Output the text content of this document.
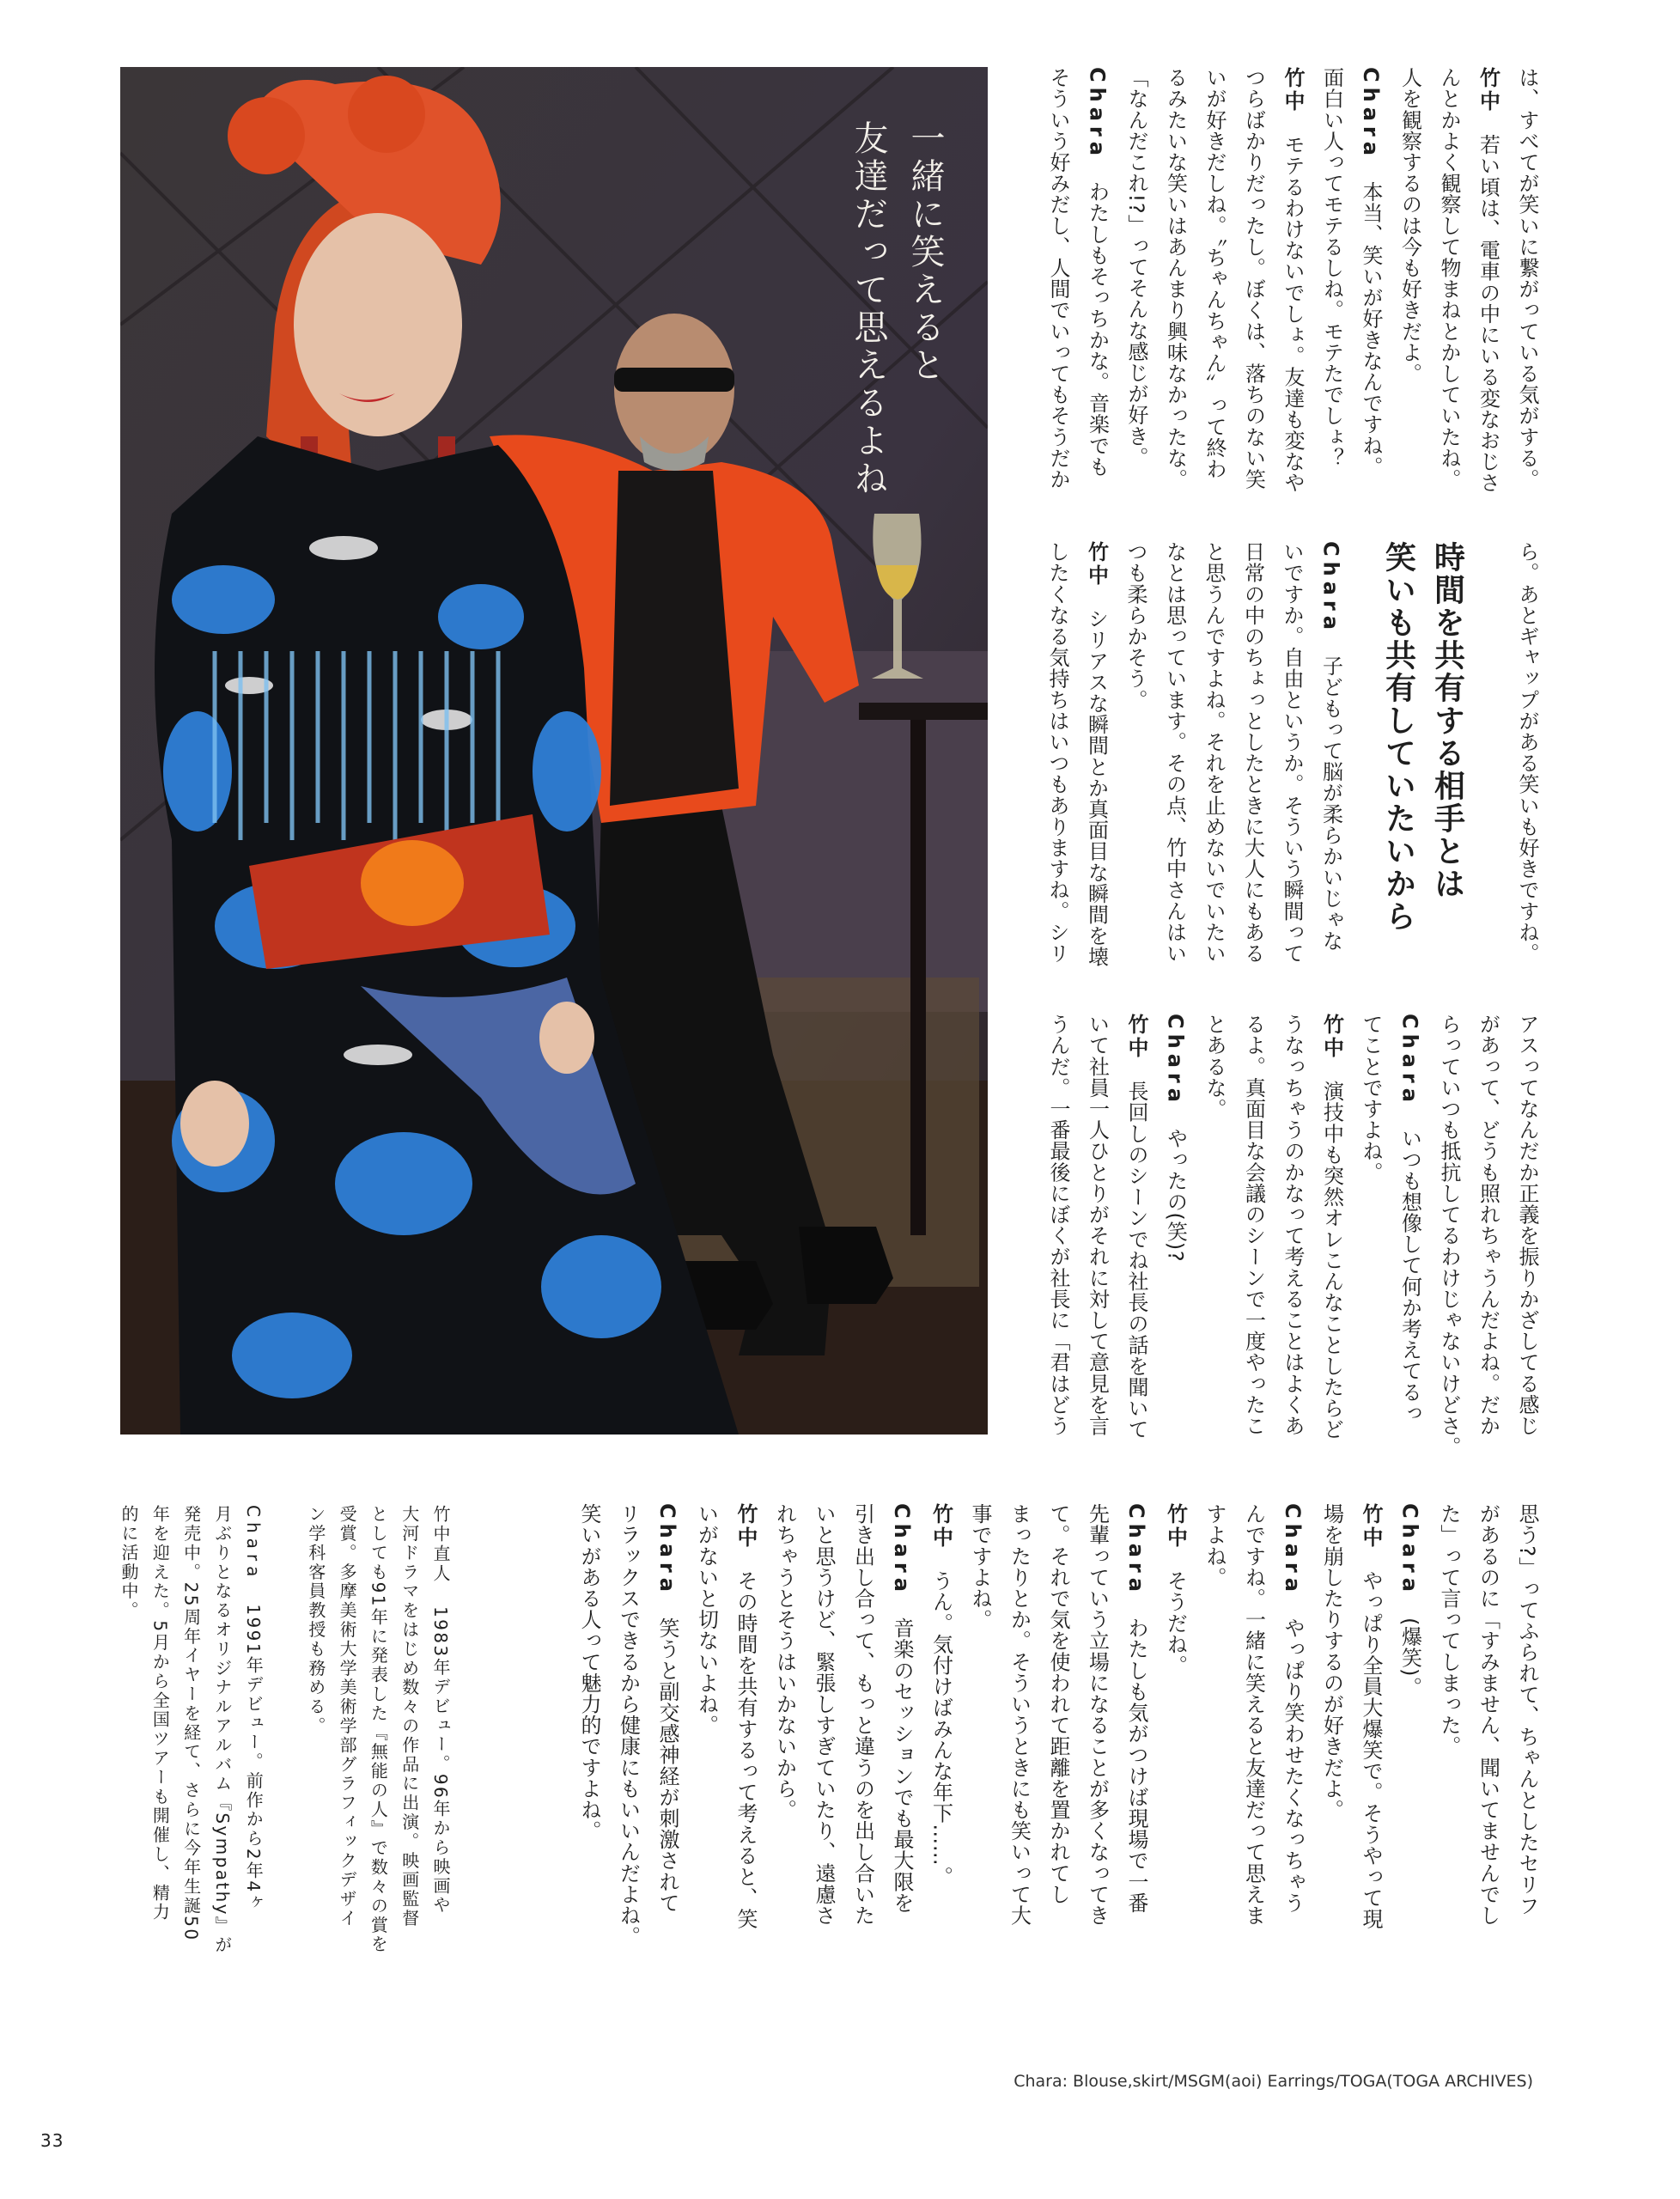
一緒に笑えると
友達だって思えるよね	は、すべてが笑いに繋がっている気がする。
竹中若い頃は、電車の中にいる変なおじさ
んとかよく観察して物まねとかしていたね。
人を観察するのは今も好きだよ。
Chara本当、笑いが好きなんですね。
面白い人ってモテるしね。モテたでしょ？
竹中モテるわけないでしょ。友達も変なや
つらばかりだったし。ぼくは、落ちのない笑
いが好きだしね。〝ちゃんちゃん〟って終わ
るみたいな笑いはあんまり興味なかったな。
「なんだこれ!?」ってそんな感じが好き。
Charaわたしもそっちかな。音楽でも
そういう好みだし、人間でいってもそうだか
ら。あとギャップがある笑いも好きですね。
時間を共有する相手とは
笑いも共有していたいから
Chara子どもって脳が柔らかいじゃな
いですか。自由というか。そういう瞬間って
日常の中のちょっとしたときに大人にもある
と思うんですよね。それを止めないでいたい
なとは思っています。その点、竹中さんはい
つも柔らかそう。
竹中シリアスな瞬間とか真面目な瞬間を壊
したくなる気持ちはいつもありますね。シリ
アスってなんだか正義を振りかざしてる感じ
があって、どうも照れちゃうんだよね。だか
らっていつも抵抗してるわけじゃないけどさ。
Charaいつも想像して何か考えてるっ
てことですよね。
竹中演技中も突然オレこんなことしたらど
うなっちゃうのかなって考えることはよくあ
るよ。真面目な会議のシーンで一度やったこ
とあるな。
Charaやったの(笑)?
竹中長回しのシーンでね社長の話を聞いて
いて社員一人ひとりがそれに対して意見を言
うんだ。一番最後にぼくが社長に「君はどう
思う?」ってふられて、ちゃんとしたセリフ
があるのに「すみません、聞いてませんでし
た」って言ってしまった。
Chara(爆笑)。
竹中やっぱり全員大爆笑で。そうやって現
場を崩したりするのが好きだよ。
Charaやっぱり笑わせたくなっちゃう
んですね。一緒に笑えると友達だって思えま
すよね。
竹中そうだね。
Charaわたしも気がつけば現場で一番
先輩っていう立場になることが多くなってき
て。それで気を使われて距離を置かれてし
まったりとか。そういうときにも笑いって大
事ですよね。
竹中うん。気付けばみんな年下……。
Chara音楽のセッションでも最大限を
引き出し合って、もっと違うのを出し合いた
いと思うけど、緊張しすぎていたり、遠慮さ
れちゃうとそうはいかないから。
竹中その時間を共有するって考えると、笑
いがないと切ないよね。
Chara笑うと副交感神経が刺激されて
リラックスできるから健康にもいいんだよね。
笑いがある人って魅力的ですよね。
竹中直人1983年デビュー。96年から映画や
大河ドラマをはじめ数々の作品に出演。映画監督
としても91年に発表した『無能の人』で数々の賞を
受賞。多摩美術大学美術学部グラフィックデザイ
ン学科客員教授も務める。
Chara1991年デビュー。前作から2年4ヶ
月ぶりとなるオリジナルアルバム『Sympathy』が
発売中。25周年イヤーを経て、さらに今年生誕50
年を迎えた。5月から全国ツアーも開催し、精力
的に活動中。
Chara: Blouse,skirt/MSGM(aoi) Earrings/TOGA(TOGA ARCHIVES)
33
